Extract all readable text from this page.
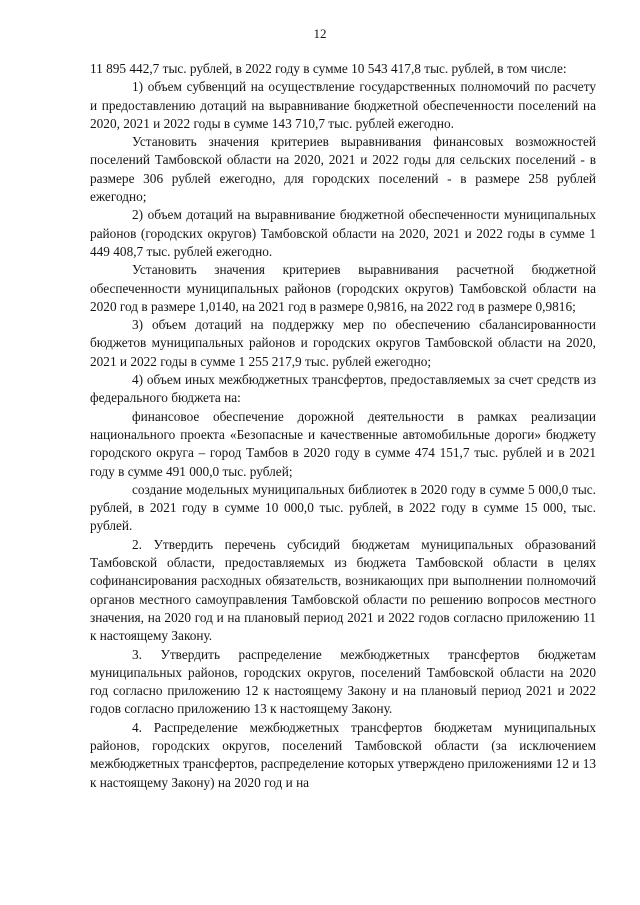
12

11 895 442,7 тыс. рублей, в 2022 году в сумме 10 543 417,8 тыс. рублей, в том числе:

1) объем субвенций на осуществление государственных полномочий по расчету и предоставлению дотаций на выравнивание бюджетной обеспеченности поселений на 2020, 2021 и 2022 годы в сумме 143 710,7 тыс. рублей ежегодно.

Установить значения критериев выравнивания финансовых возможностей поселений Тамбовской области на 2020, 2021 и 2022 годы для сельских поселений - в размере 306 рублей ежегодно, для городских поселений - в размере 258 рублей ежегодно;

2) объем дотаций на выравнивание бюджетной обеспеченности муниципальных районов (городских округов) Тамбовской области на 2020, 2021 и 2022 годы в сумме 1 449 408,7 тыс. рублей ежегодно.

Установить значения критериев выравнивания расчетной бюджетной обеспеченности муниципальных районов (городских округов) Тамбовской области на 2020 год в размере 1,0140, на 2021 год в размере 0,9816, на 2022 год в размере 0,9816;

3) объем дотаций на поддержку мер по обеспечению сбалансированности бюджетов муниципальных районов и городских округов Тамбовской области на 2020, 2021 и 2022 годы в сумме 1 255 217,9 тыс. рублей ежегодно;

4) объем иных межбюджетных трансфертов, предоставляемых за счет средств из федерального бюджета на:

финансовое обеспечение дорожной деятельности в рамках реализации национального проекта «Безопасные и качественные автомобильные дороги» бюджету городского округа – город Тамбов в 2020 году в сумме 474 151,7 тыс. рублей и в 2021 году в сумме 491 000,0 тыс. рублей;

создание модельных муниципальных библиотек в 2020 году в сумме 5 000,0 тыс. рублей, в 2021 году в сумме 10 000,0 тыс. рублей, в 2022 году в сумме 15 000, тыс. рублей.

2. Утвердить перечень субсидий бюджетам муниципальных образований Тамбовской области, предоставляемых из бюджета Тамбовской области в целях софинансирования расходных обязательств, возникающих при выполнении полномочий органов местного самоуправления Тамбовской области по решению вопросов местного значения, на 2020 год и на плановый период 2021 и 2022 годов согласно приложению 11 к настоящему Закону.

3. Утвердить распределение межбюджетных трансфертов бюджетам муниципальных районов, городских округов, поселений Тамбовской области на 2020 год согласно приложению 12 к настоящему Закону и на плановый период 2021 и 2022 годов согласно приложению 13 к настоящему Закону.

4. Распределение межбюджетных трансфертов бюджетам муниципальных районов, городских округов, поселений Тамбовской области (за исключением межбюджетных трансфертов, распределение которых утверждено приложениями 12 и 13 к настоящему Закону) на 2020 год и на
